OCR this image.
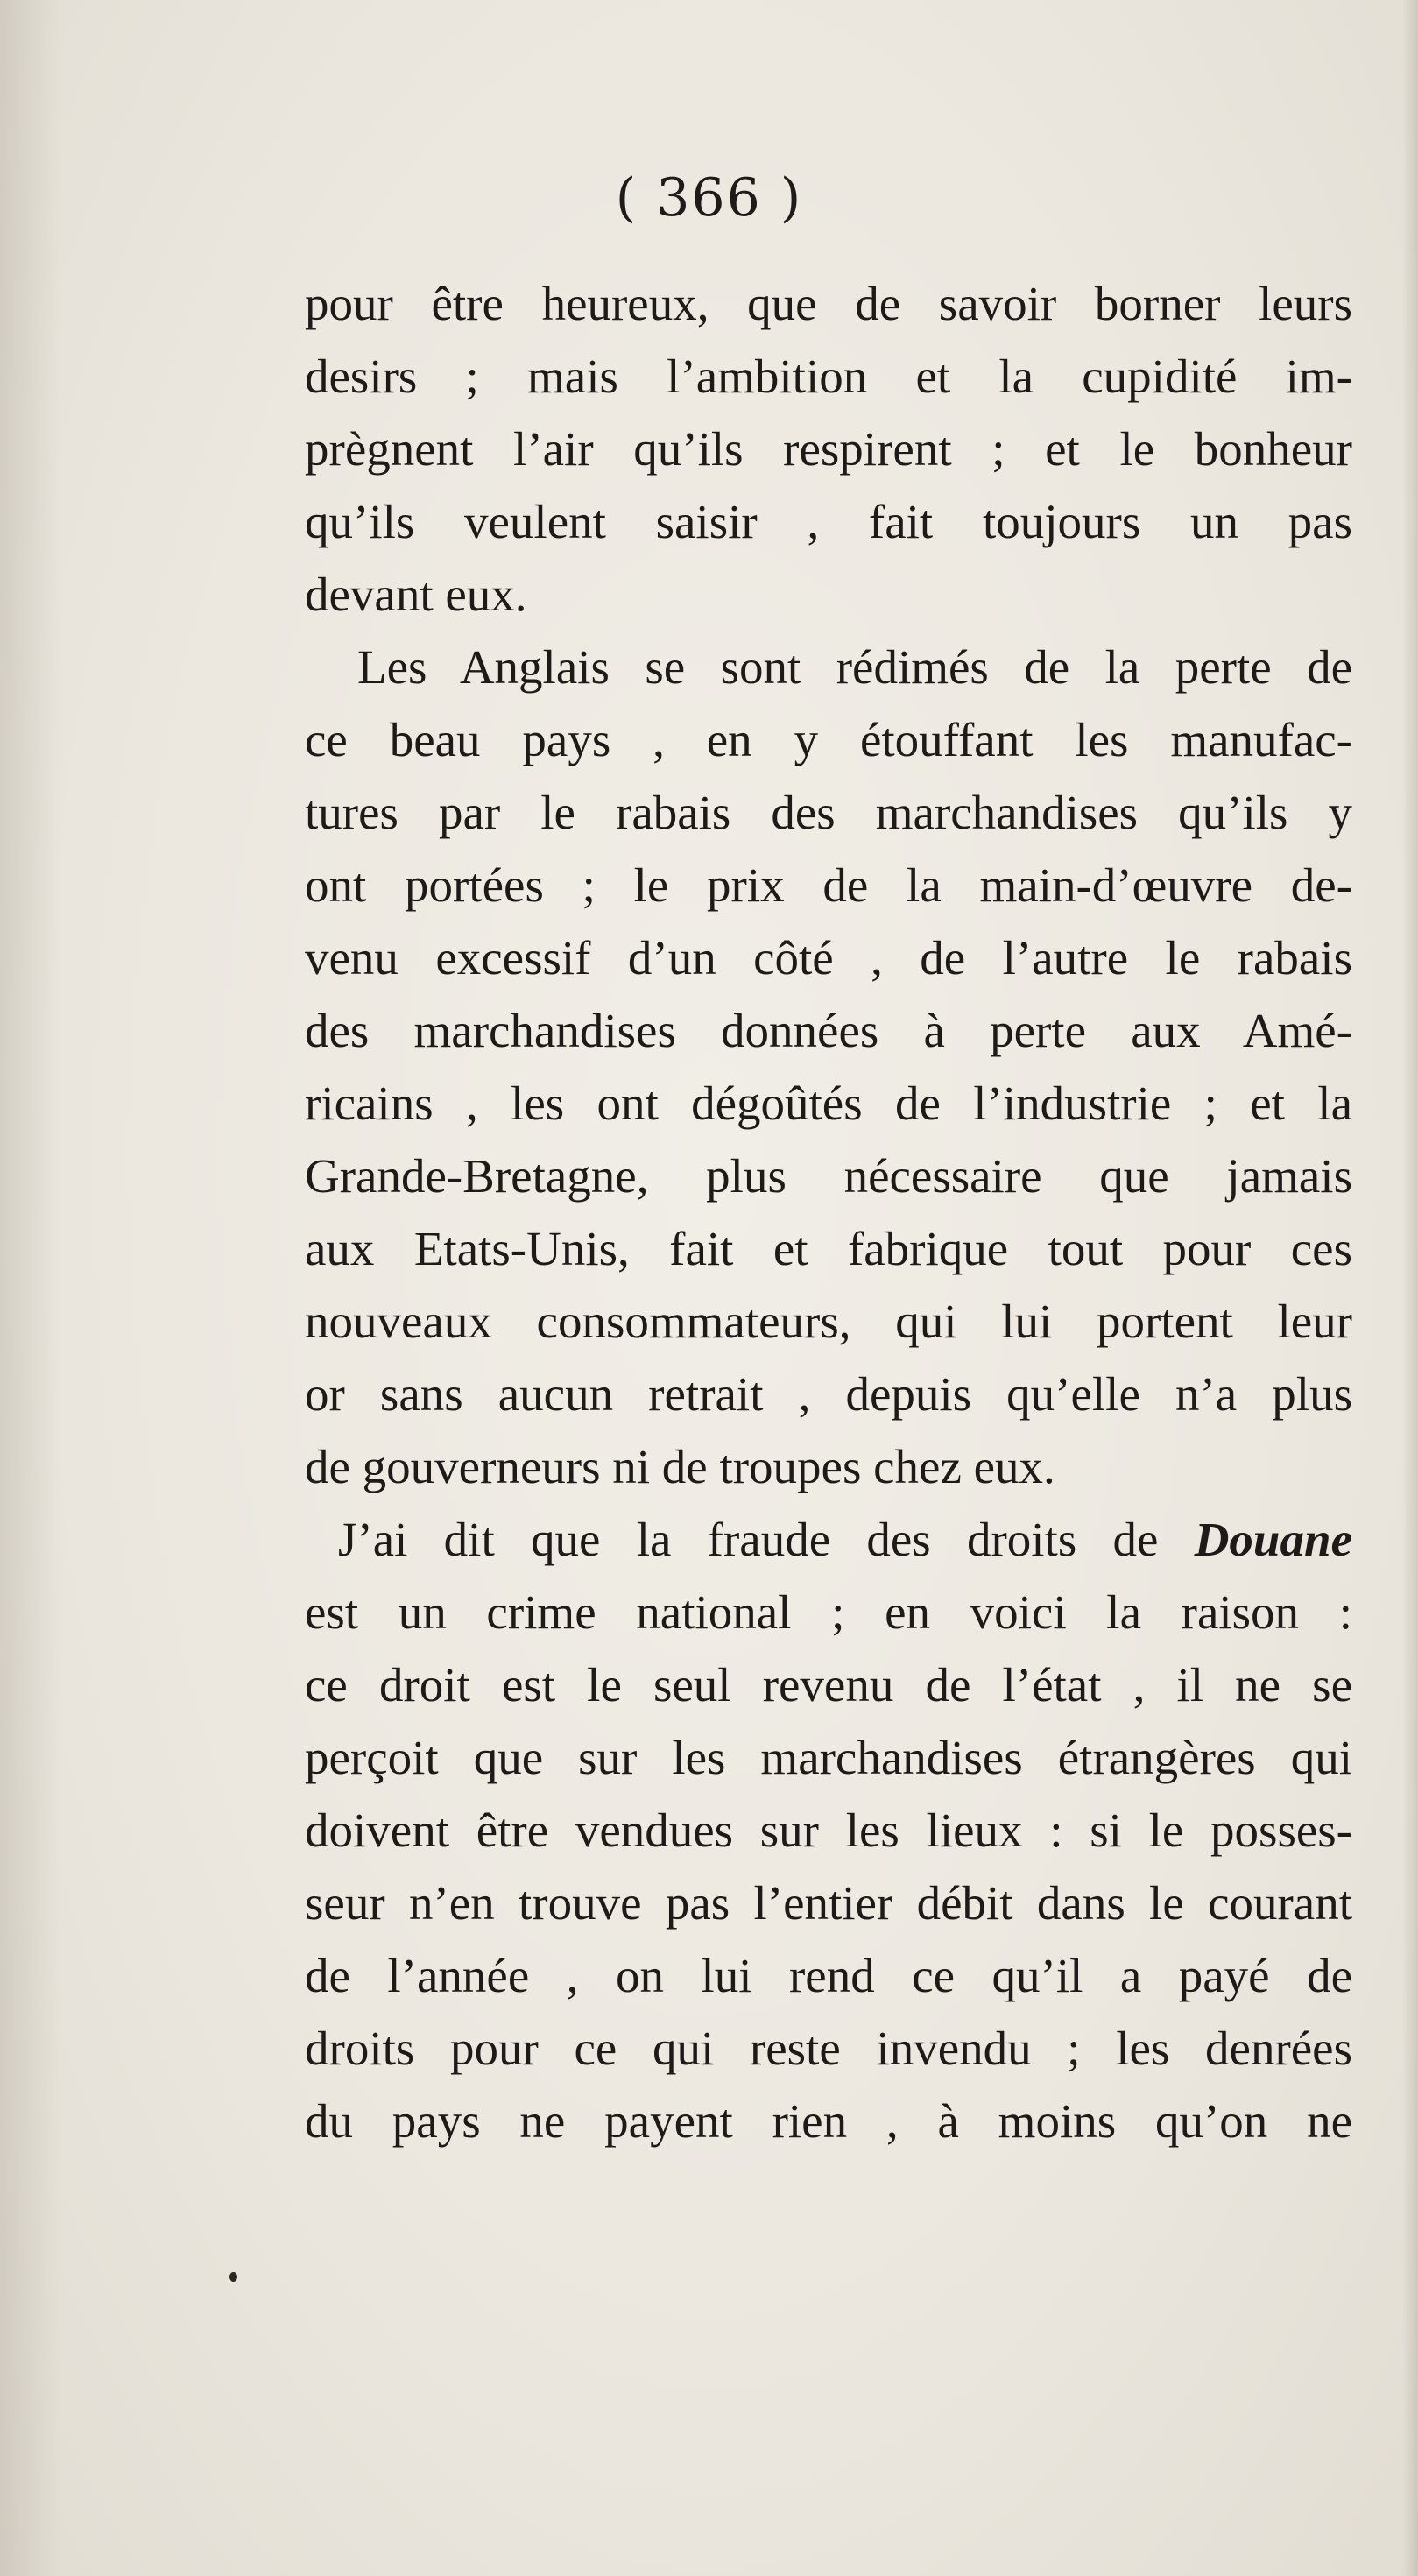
( 366 )

pour être heureux, que de savoir borner leurs
desirs ; mais l’ambition et la cupidité im-
prègnent l’air qu’ils respirent ; et le bonheur
qu’ils veulent saisir , fait toujours un pas
devant eux.

Les Anglais se sont rédimés de la perte de
ce beau pays , en y étouffant les manufac-
tures par le rabais des marchandises qu’ils y
ont portées ; le prix de la main-d’œuvre de-
venu excessif d’un côté , de l’autre le rabais
des marchandises données à perte aux Amé-
ricains , les ont dégoûtés de l’industrie ; et la
Grande-Bretagne, plus nécessaire que jamais
aux Etats-Unis, fait et fabrique tout pour ces
nouveaux consommateurs, qui lui portent leur
or sans aucun retrait , depuis qu’elle n’a plus
de gouverneurs ni de troupes chez eux.

J’ai dit que la fraude des droits de Douane
est un crime national ; en voici la raison :
ce droit est le seul revenu de l’état , il ne se
perçoit que sur les marchandises étrangères qui
doivent être vendues sur les lieux : si le posses-
seur n’en trouve pas l’entier débit dans le courant
de l’année , on lui rend ce qu’il a payé de
droits pour ce qui reste invendu ; les denrées
du pays ne payent rien , à moins qu’on ne
